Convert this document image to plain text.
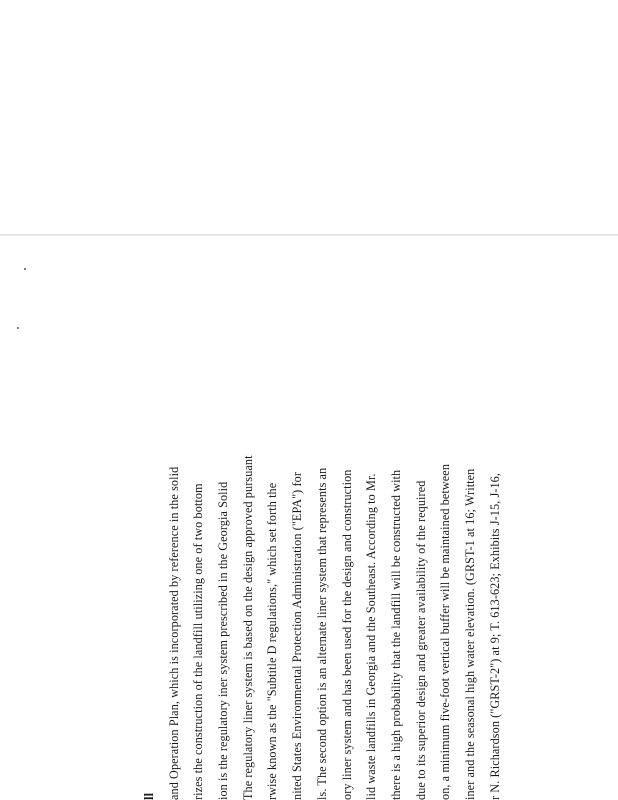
ll and Operation Plan, which is incorporated by reference in the solid rizes the construction of the landfill utilizing one of two bottom ion is the regulatory iner system prescribed in the Georgia Solid The regulatory liner system is based on the design approved pursuant rwise known as the "Subtitle D regulations," which set forth the nited States Environmental Protection Administration ("EPA") for ls. The second option is an alternate liner system that represents an ory liner system and has been used for the design and construction lid waste landfills in Georgia and the Southeast. According to Mr. there is a high probability that the landfill will be constructed with due to its superior design and greater availability of the required on, a minimum five-foot vertical buffer will be maintained between iner and the seasonal high water elevation. (GRST-1 at 16; Written r N. Richardson ("GRST-2") at 9; T. 613-623; Exhibits J-15, J-16,
